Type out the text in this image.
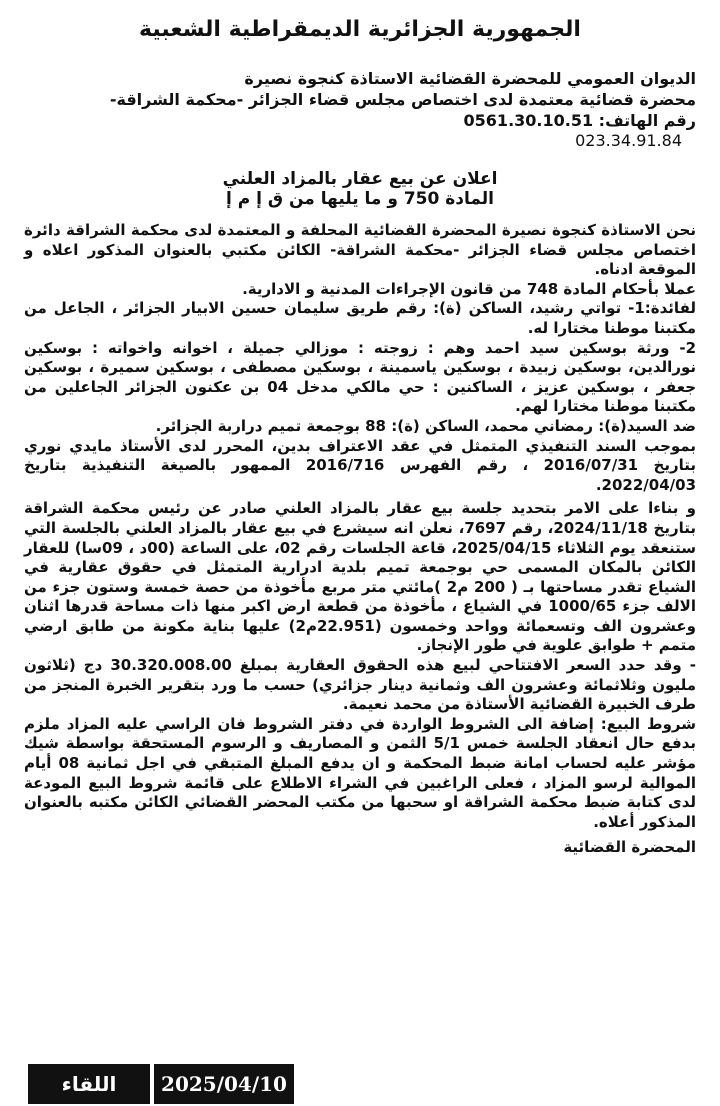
الجمهورية الجزائرية الديمقراطية الشعبية
الديوان العمومي للمحضرة القضائية الاستاذة كنجوة نصيرة
محضرة قضائية معتمدة لدى اختصاص مجلس قضاء الجزائر -محكمة الشراقة-
رقم الهاتف: 0561.30.10.51
023.34.91.84
اعلان عن بيع عقار بالمزاد العلني
المادة 750 و ما يليها من ق إ م إ

نحن الاستاذة كنجوة نصيرة المحضرة القضائية المحلفة و المعتمدة لدى محكمة الشراقة دائرة اختصاص مجلس قضاء الجزائر -محكمة الشراقة- الكائن مكتبي بالعنوان المذكور اعلاه و الموقعة ادناه.

عملا بأحكام المادة 748 من قانون الإجراءات المدنية و الادارية.

لفائدة:1- تواتي رشيد، الساكن (ة): رقم طريق سليمان حسين الابيار الجزائر ، الجاعل من مكتبنا موطنا مختارا له.

2- ورثة بوسكين سيد احمد وهم : زوجته : موزالي جميلة ، اخوانه واخواته : بوسكين نورالدين، بوسكين زبيدة ، بوسكين ياسمينة ، بوسكين مصطفى ، بوسكين سميرة ، بوسكين جعفر ، بوسكين عزيز ، الساكنين : حي مالكي مدخل 04 بن عكنون الجزائر الجاعلين من مكتبنا موطنا مختارا لهم.

ضد السيد(ة): رمضاني محمد، الساكن (ة): 88 بوجمعة تميم دراربة الجزائر.

بموجب السند التنفيذي المتمثل في عقد الاعتراف بدين، المحرر لدى الأستاذ مايدي نوري بتاريخ 2016/07/31 ، رقم الفهرس 2016/716 الممهور بالصيغة التنفيذية بتاريخ 2022/04/03.

و بناءا على الامر بتحديد جلسة بيع عقار بالمزاد العلني صادر عن رئيس محكمة الشراقة بتاريخ 2024/11/18، رقم 7697، نعلن انه سيشرع في بيع عقار بالمزاد العلني بالجلسة التي ستنعقد يوم الثلاثاء 2025/04/15، قاعة الجلسات رقم 02، على الساعة (00د ، 09سا) للعقار الكائن بالمكان المسمى حي بوجمعة تميم بلدية ادرارية المتمثل في حقوق عقارية في الشياع تقدر مساحتها بـ ( 200 م2 )مائتي متر مربع مأخوذة من حصة خمسة وستون جزء من الالف جزء 1000/65 في الشياع ، مأخوذة من قطعة ارض اكبر منها ذات مساحة قدرها اثنان وعشرون الف وتسعمائة وواحد وخمسون (22.951م2) عليها بناية مكونة من طابق ارضي متمم + طوابق علوية في طور الإنجاز.

- وقد حدد السعر الافتتاحي لبيع هذه الحقوق العقارية بمبلغ 30.320.008.00 دج (ثلاثون مليون وثلاثمائة وعشرون الف وثمانية دينار جزائري) حسب ما ورد بتقرير الخبرة المنجز من طرف الخبيرة القضائية الأستاذة من محمد نعيمة.

شروط البيع: إضافة الى الشروط الواردة في دفتر الشروط فان الراسي عليه المزاد ملزم بدفع حال انعقاد الجلسة خمس 5/1 الثمن و المصاريف و الرسوم المستحقة بواسطة شيك مؤشر عليه لحساب امانة ضبط المحكمة و ان يدفع المبلغ المتبقي في اجل ثمانية 08 أيام الموالية لرسو المزاد ، فعلى الراغبين في الشراء الاطلاع على قائمة شروط البيع المودعة لدى كتابة ضبط محكمة الشراقة او سحبها من مكتب المحضر القضائي الكائن مكتبه بالعنوان المذكور أعلاه.

المحضرة القضائية
اللقاء	2025/04/10
